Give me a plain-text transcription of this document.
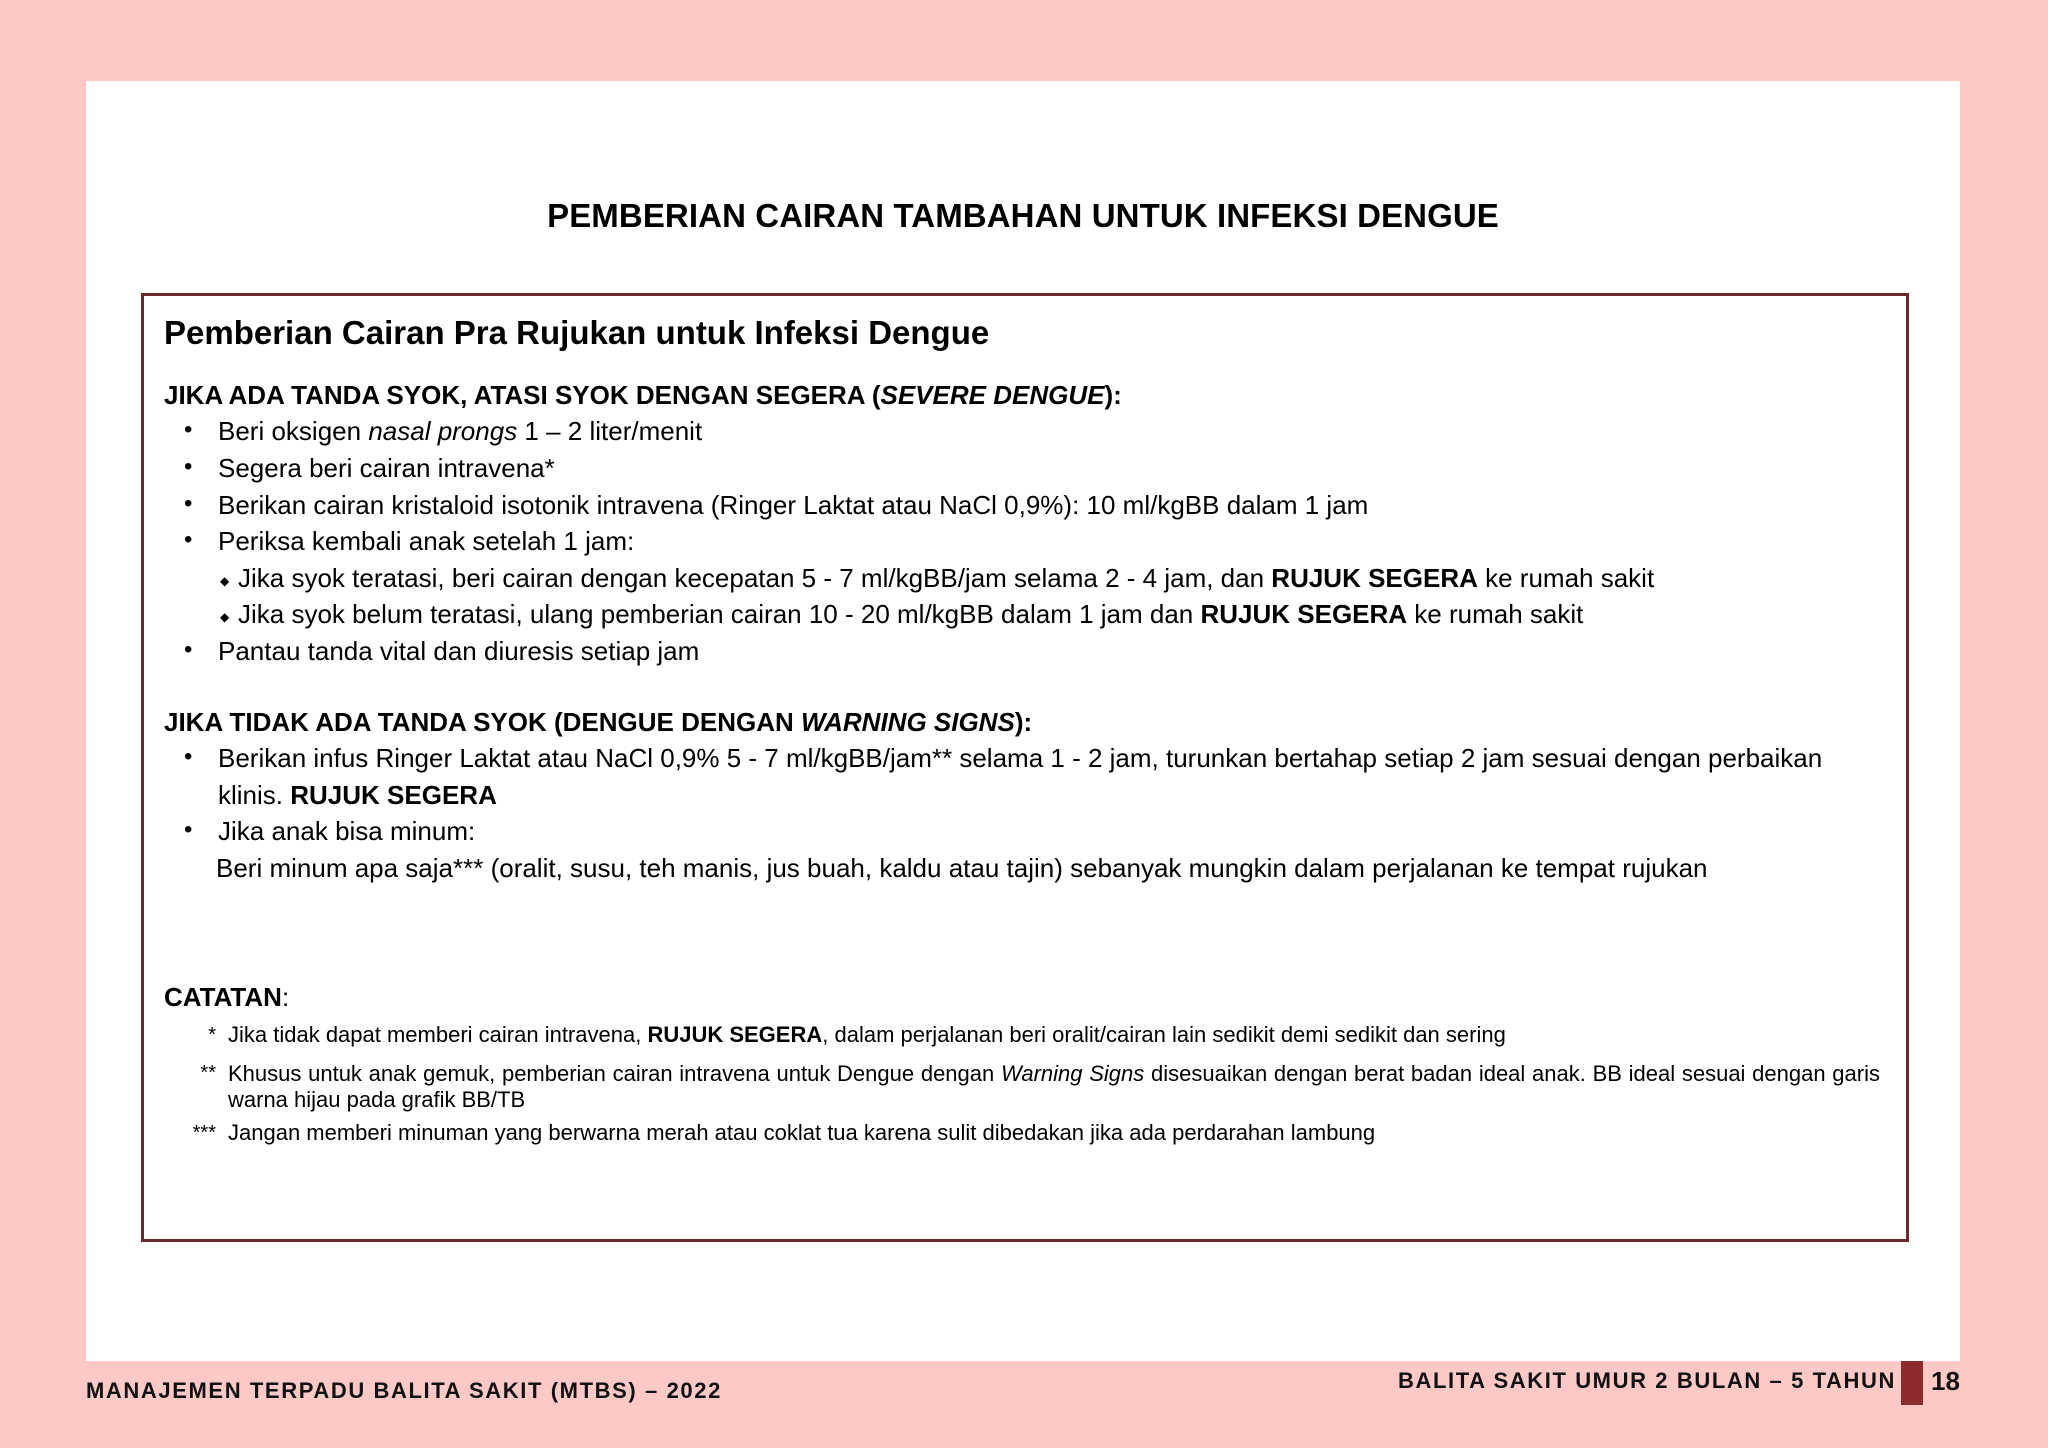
PEMBERIAN CAIRAN TAMBAHAN UNTUK INFEKSI DENGUE
Pemberian Cairan Pra Rujukan untuk Infeksi Dengue
JIKA ADA TANDA SYOK, ATASI SYOK DENGAN SEGERA (SEVERE DENGUE):
• Beri oksigen nasal prongs 1 – 2 liter/menit
• Segera beri cairan intravena*
• Berikan cairan kristaloid isotonik intravena (Ringer Laktat atau NaCl 0,9%): 10 ml/kgBB dalam 1 jam
• Periksa kembali anak setelah 1 jam:
◆ Jika syok teratasi, beri cairan dengan kecepatan 5 - 7 ml/kgBB/jam selama 2 - 4 jam, dan RUJUK SEGERA ke rumah sakit
◆ Jika syok belum teratasi, ulang pemberian cairan 10 - 20 ml/kgBB dalam 1 jam dan RUJUK SEGERA ke rumah sakit
• Pantau tanda vital dan diuresis setiap jam
JIKA TIDAK ADA TANDA SYOK (DENGUE DENGAN WARNING SIGNS):
• Berikan infus Ringer Laktat atau NaCl 0,9% 5 - 7 ml/kgBB/jam** selama 1 - 2 jam, turunkan bertahap setiap 2 jam sesuai dengan perbaikan
klinis. RUJUK SEGERA
• Jika anak bisa minum:
Beri minum apa saja*** (oralit, susu, teh manis, jus buah, kaldu atau tajin) sebanyak mungkin dalam perjalanan ke tempat rujukan
CATATAN:
* Jika tidak dapat memberi cairan intravena, RUJUK SEGERA, dalam perjalanan beri oralit/cairan lain sedikit demi sedikit dan sering
** Khusus untuk anak gemuk, pemberian cairan intravena untuk Dengue dengan Warning Signs disesuaikan dengan berat badan ideal anak. BB ideal sesuai dengan garis warna hijau pada grafik BB/TB
*** Jangan memberi minuman yang berwarna merah atau coklat tua karena sulit dibedakan jika ada perdarahan lambung
MANAJEMEN TERPADU BALITA SAKIT (MTBS) – 2022	BALITA SAKIT UMUR 2 BULAN – 5 TAHUN 18
